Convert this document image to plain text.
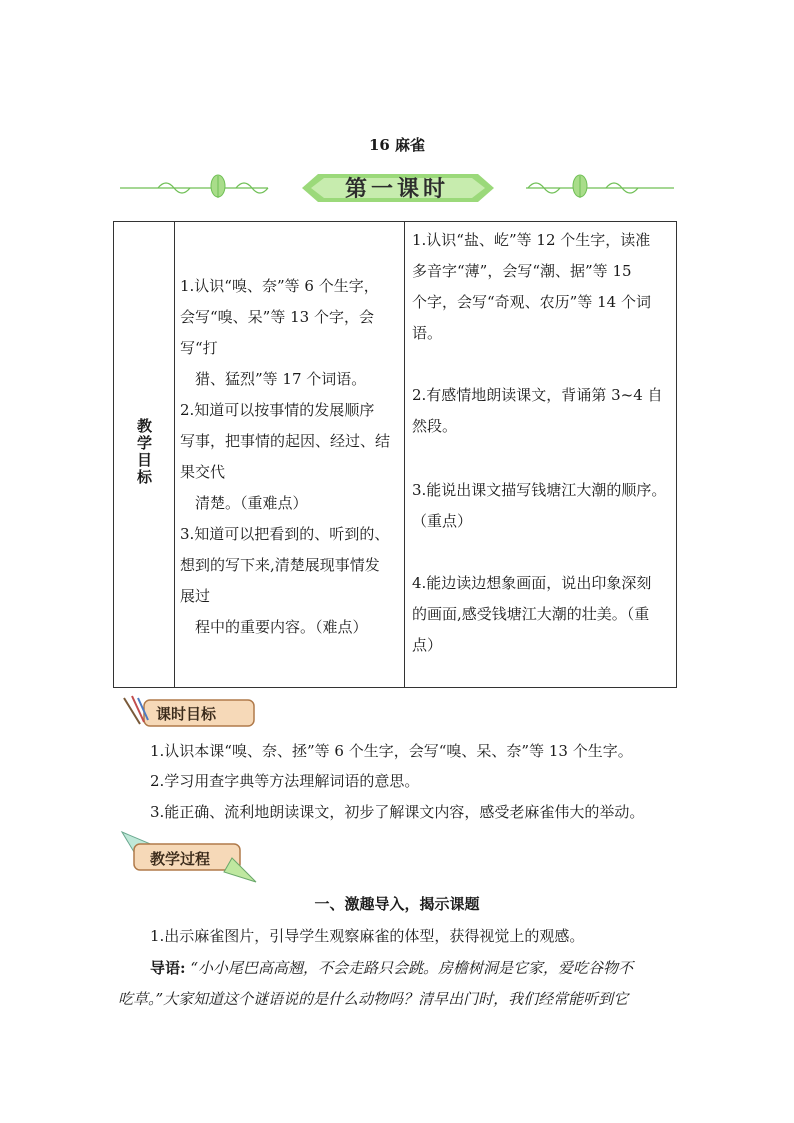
16 麻雀
第一课时
教学目标
1.认识“嗅、奈”等 6 个生字，
会写“嗅、呆”等 13 个字，会
写“打
猎、猛烈”等 17 个词语。
2.知道可以按事情的发展顺序
写事，把事情的起因、经过、结
果交代
清楚。（重难点）
3.知道可以把看到的、听到的、
想到的写下来,清楚展现事情发
展过
程中的重要内容。（难点）
1.认识“盐、屹”等 12 个生字，读准
多音字“薄”，会写“潮、据”等 15
个字，会写“奇观、农历”等 14 个词
语。
2.有感情地朗读课文，背诵第 3~4 自
然段。
3.能说出课文描写钱塘江大潮的顺序。
（重点）
4.能边读边想象画面，说出印象深刻
的画面,感受钱塘江大潮的壮美。（重
点）
课时目标
1.认识本课“嗅、奈、拯”等 6 个生字，会写“嗅、呆、奈”等 13 个生字。
2.学习用查字典等方法理解词语的意思。
3.能正确、流利地朗读课文，初步了解课文内容，感受老麻雀伟大的举动。
教学过程
一、激趣导入，揭示课题
1.出示麻雀图片，引导学生观察麻雀的体型，获得视觉上的观感。
导语: “小小尾巴高高翘，不会走路只会跳。房檐树洞是它家，爱吃谷物不
吃草。”大家知道这个谜语说的是什么动物吗？清早出门时，我们经常能听到它
